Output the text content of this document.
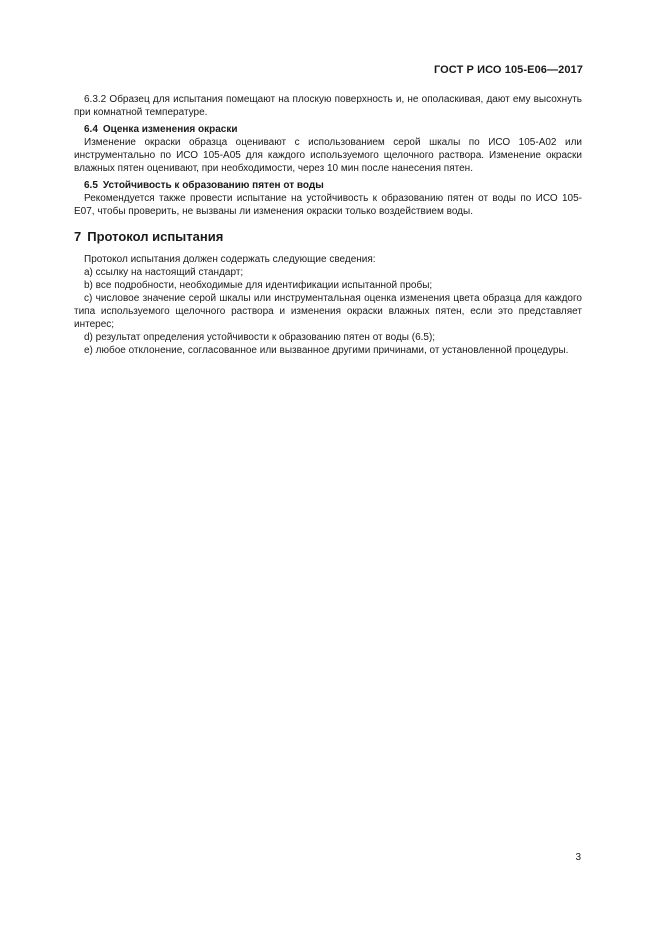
ГОСТ Р ИСО 105-E06—2017

6.3.2 Образец для испытания помещают на плоскую поверхность и, не ополаскивая, дают ему высохнуть при комнатной температуре.

6.4 Оценка изменения окраски

Изменение окраски образца оценивают с использованием серой шкалы по ИСО 105-A02 или инструментально по ИСО 105-A05 для каждого используемого щелочного раствора. Изменение окраски влажных пятен оценивают, при необходимости, через 10 мин после нанесения пятен.

6.5 Устойчивость к образованию пятен от воды

Рекомендуется также провести испытание на устойчивость к образованию пятен от воды по ИСО 105-E07, чтобы проверить, не вызваны ли изменения окраски только воздействием воды.

7 Протокол испытания

Протокол испытания должен содержать следующие сведения:

a) ссылку на настоящий стандарт;

b) все подробности, необходимые для идентификации испытанной пробы;

c) числовое значение серой шкалы или инструментальная оценка изменения цвета образца для каждого типа используемого щелочного раствора и изменения окраски влажных пятен, если это представляет интерес;

d) результат определения устойчивости к образованию пятен от воды (6.5);

e) любое отклонение, согласованное или вызванное другими причинами, от установленной процедуры.

3
